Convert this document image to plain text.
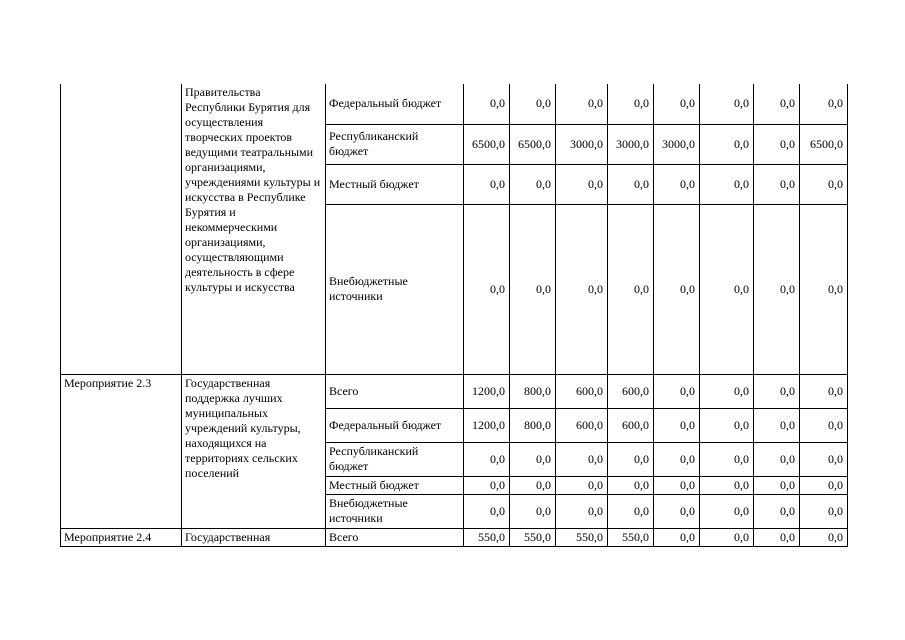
	Правительства Республики Бурятия для осуществления творческих проектов ведущими театральными организациями, учреждениями культуры и искусства в Республике Бурятия и некоммерческими организациями, осуществляющими деятельность в сфере культуры и искусства	Федеральный бюджет	0,0	0,0	0,0	0,0	0,0	0,0	0,0	0,0
		Республиканский бюджет	6500,0	6500,0	3000,0	3000,0	3000,0	0,0	0,0	6500,0
		Местный бюджет	0,0	0,0	0,0	0,0	0,0	0,0	0,0	0,0
		Внебюджетные источники	0,0	0,0	0,0	0,0	0,0	0,0	0,0	0,0
Мероприятие 2.3	Государственная поддержка лучших муниципальных учреждений культуры, находящихся на территориях сельских поселений	Всего	1200,0	800,0	600,0	600,0	0,0	0,0	0,0	0,0
		Федеральный бюджет	1200,0	800,0	600,0	600,0	0,0	0,0	0,0	0,0
		Республиканский бюджет	0,0	0,0	0,0	0,0	0,0	0,0	0,0	0,0
		Местный бюджет	0,0	0,0	0,0	0,0	0,0	0,0	0,0	0,0
		Внебюджетные источники	0,0	0,0	0,0	0,0	0,0	0,0	0,0	0,0
Мероприятие 2.4	Государственная	Всего	550,0	550,0	550,0	550,0	0,0	0,0	0,0	0,0
